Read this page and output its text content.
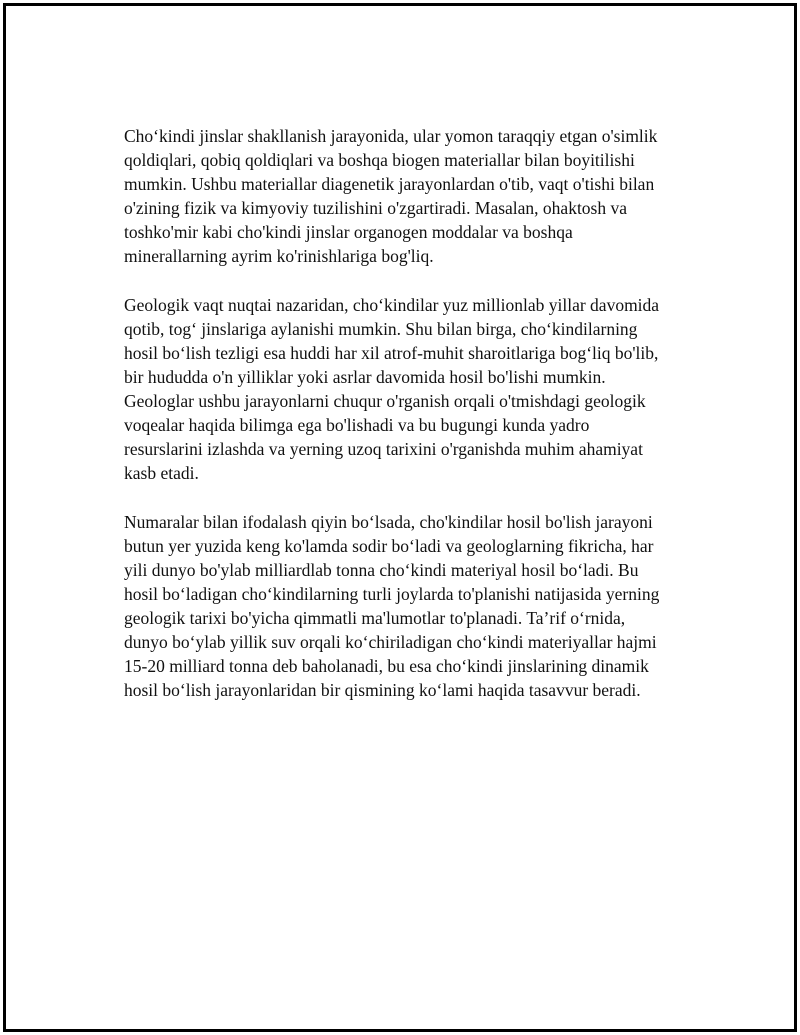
Cho‘kindi jinslar shakllanish jarayonida, ular yomon taraqqiy etgan o'simlik
qoldiqlari, qobiq qoldiqlari va boshqa biogen materiallar bilan boyitilishi
mumkin. Ushbu materiallar diagenetik jarayonlardan o'tib, vaqt o'tishi bilan
o'zining fizik va kimyoviy tuzilishini o'zgartiradi. Masalan, ohaktosh va
toshko'mir kabi cho'kindi jinslar organogen moddalar va boshqa
minerallarning ayrim ko'rinishlariga bog'liq.

Geologik vaqt nuqtai nazaridan, cho‘kindilar yuz millionlab yillar davomida
qotib, tog‘ jinslariga aylanishi mumkin. Shu bilan birga, cho‘kindilarning
hosil bo‘lish tezligi esa huddi har xil atrof-muhit sharoitlariga bog‘liq bo'lib,
bir hududda o'n yilliklar yoki asrlar davomida hosil bo'lishi mumkin.
Geologlar ushbu jarayonlarni chuqur o'rganish orqali o'tmishdagi geologik
voqealar haqida bilimga ega bo'lishadi va bu bugungi kunda yadro
resurslarini izlashda va yerning uzoq tarixini o'rganishda muhim ahamiyat
kasb etadi.

Numaralar bilan ifodalash qiyin bo‘lsada, cho'kindilar hosil bo'lish jarayoni
butun yer yuzida keng ko'lamda sodir bo‘ladi va geologlarning fikricha, har
yili dunyo bo'ylab milliardlab tonna cho‘kindi materiyal hosil bo‘ladi. Bu
hosil bo‘ladigan cho‘kindilarning turli joylarda to'planishi natijasida yerning
geologik tarixi bo'yicha qimmatli ma'lumotlar to'planadi. Ta’rif o‘rnida,
dunyo bo‘ylab yillik suv orqali ko‘chiriladigan cho‘kindi materiyallar hajmi
15-20 milliard tonna deb baholanadi, bu esa cho‘kindi jinslarining dinamik
hosil bo‘lish jarayonlaridan bir qismining ko‘lami haqida tasavvur beradi.
